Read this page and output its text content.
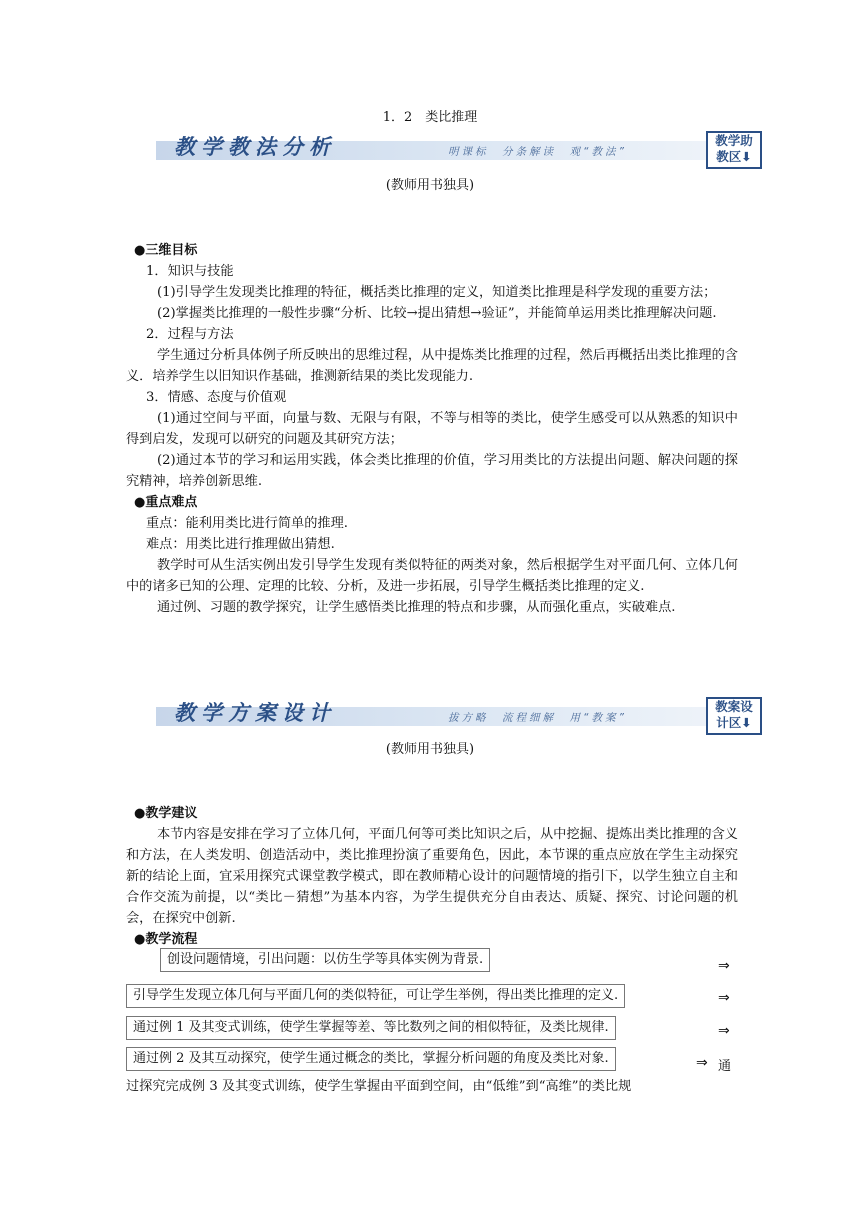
1．2　类比推理
教学教法分析	明课标　分条解读　观“教法”
教学助
教区⬇
(教师用书独具)

●三维目标

1．知识与技能

(1)引导学生发现类比推理的特征，概括类比推理的定义，知道类比推理是科学发现的重要方法；

(2)掌握类比推理的一般性步骤“分析、比较→提出猜想→验证”，并能简单运用类比推理解决问题.

2．过程与方法

学生通过分析具体例子所反映出的思维过程，从中提炼类比推理的过程，然后再概括出类比推理的含义．培养学生以旧知识作基础，推测新结果的类比发现能力.

3．情感、态度与价值观

(1)通过空间与平面，向量与数、无限与有限，不等与相等的类比，使学生感受可以从熟悉的知识中得到启发，发现可以研究的问题及其研究方法；

(2)通过本节的学习和运用实践，体会类比推理的价值，学习用类比的方法提出问题、解决问题的探究精神，培养创新思维.

●重点难点

重点：能利用类比进行简单的推理.

难点：用类比进行推理做出猜想.

教学时可从生活实例出发引导学生发现有类似特征的两类对象，然后根据学生对平面几何、立体几何中的诸多已知的公理、定理的比较、分析，及进一步拓展，引导学生概括类比推理的定义.

通过例、习题的教学探究，让学生感悟类比推理的特点和步骤，从而强化重点，实破难点.

教学方案设计	拔方略　流程细解　用“教案”
教案设
计区⬇
(教师用书独具)

●教学建议

本节内容是安排在学习了立体几何，平面几何等可类比知识之后，从中挖掘、提炼出类比推理的含义和方法，在人类发明、创造活动中，类比推理扮演了重要角色，因此，本节课的重点应放在学生主动探究新的结论上面，宜采用探究式课堂教学模式，即在教师精心设计的问题情境的指引下，以学生独立自主和合作交流为前提，以“类比－猜想”为基本内容，为学生提供充分自由表达、质疑、探究、讨论问题的机会，在探究中创新.

●教学流程

创设问题情境，引出问题：以仿生学等具体实例为背景.	⇒
引导学生发现立体几何与平面几何的类似特征，可让学生举例，得出类比推理的定义.	⇒
通过例 1 及其变式训练，使学生掌握等差、等比数列之间的相似特征，及类比规律.	⇒
通过例 2 及其互动探究，使学生通过概念的类比，掌握分析问题的角度及类比对象.	⇒ 通
过探究完成例 3 及其变式训练，使学生掌握由平面到空间，由“低维”到“高维”的类比规
